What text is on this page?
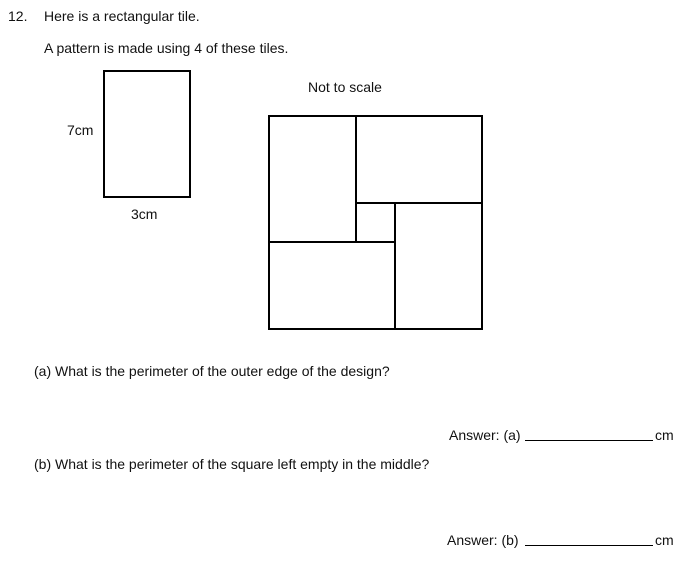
12. Here is a rectangular tile.
A pattern is made using 4 of these tiles.
7cm
3cm
Not to scale
(a) What is the perimeter of the outer edge of the design?
Answer: (a)	cm
(b) What is the perimeter of the square left empty in the middle?
Answer: (b)	cm
